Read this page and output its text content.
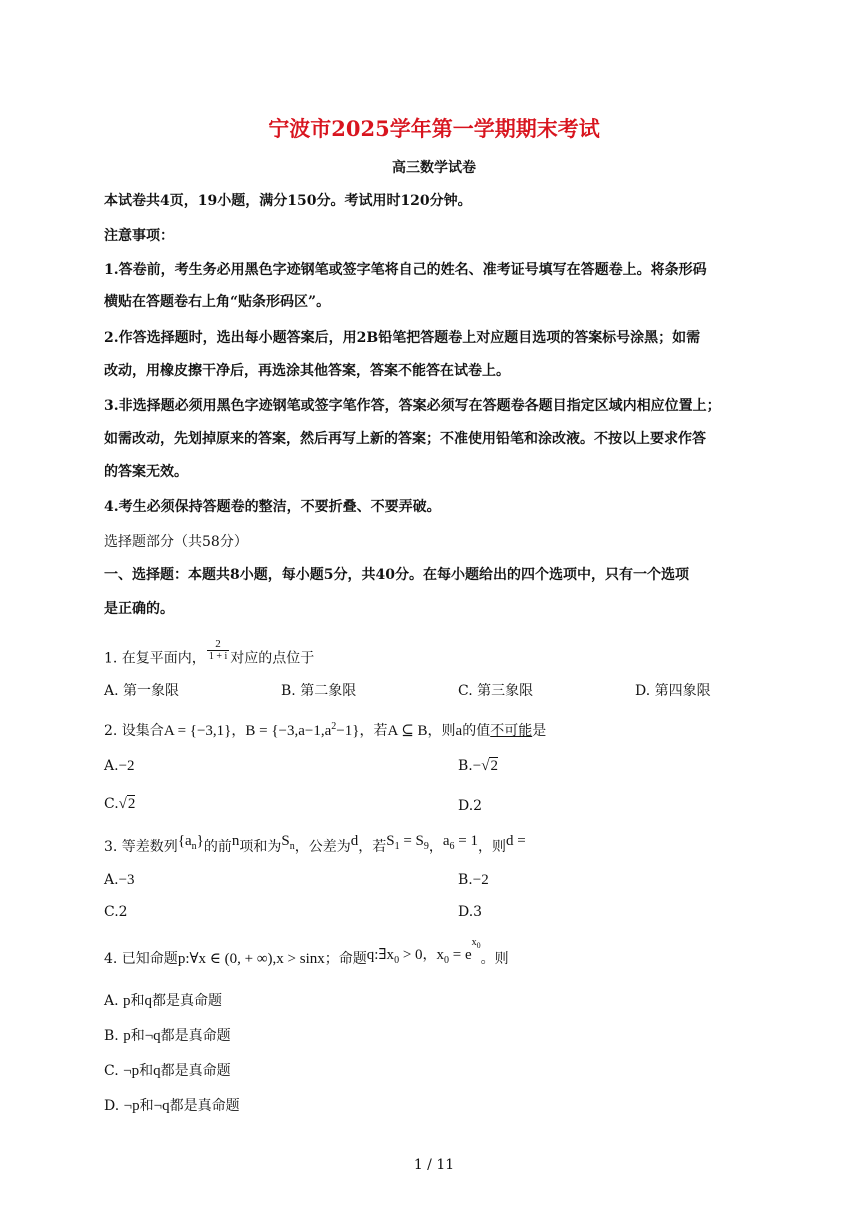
宁波市2025学年第一学期期末考试
高三数学试卷
本试卷共4页，19小题，满分150分。考试用时120分钟。
注意事项：
1.答卷前，考生务必用黑色字迹钢笔或签字笔将自己的姓名、准考证号填写在答题卷上。将条形码
横贴在答题卷右上角“贴条形码区”。
2.作答选择题时，选出每小题答案后，用2B铅笔把答题卷上对应题目选项的答案标号涂黑；如需
改动，用橡皮擦干净后，再选涂其他答案，答案不能答在试卷上。
3.非选择题必须用黑色字迹钢笔或签字笔作答，答案必须写在答题卷各题目指定区域内相应位置上；
如需改动，先划掉原来的答案，然后再写上新的答案；不准使用铅笔和涂改液。不按以上要求作答
的答案无效。
4.考生必须保持答题卷的整洁，不要折叠、不要弄破。
选择题部分（共58分）
一、选择题：本题共8小题，每小题5分，共40分。在每小题给出的四个选项中，只有一个选项
是正确的。
1. 在复平面内， $\frac{2}{1 + i}$ 对应的点位于
A. 第一象限	B. 第二象限	C. 第三象限	D. 第四象限
2. 设集合A = {−3,1}，$B = \{-3,a-1,a^2-1\}$，若A ⊆ B，则a的值不可能是
A.−2	B.−√2
C.√2	D.2
3. 等差数列$\{a_n\}$的前n项和为$S_n$，公差为d，若$S_1 = S_9$，$a_6 = 1$，则d =
A.−3	B.−2
C.2	D.3
4. 已知命题p:∀x ∈ (0, + ∞),x > sinx；命题$q:\exists x_0 > 0$，$x_0 = e^{x_0}$。则
A. p和q都是真命题
B. p和¬q都是真命题
C. ¬p和q都是真命题
D. ¬p和¬q都是真命题
1 / 11
